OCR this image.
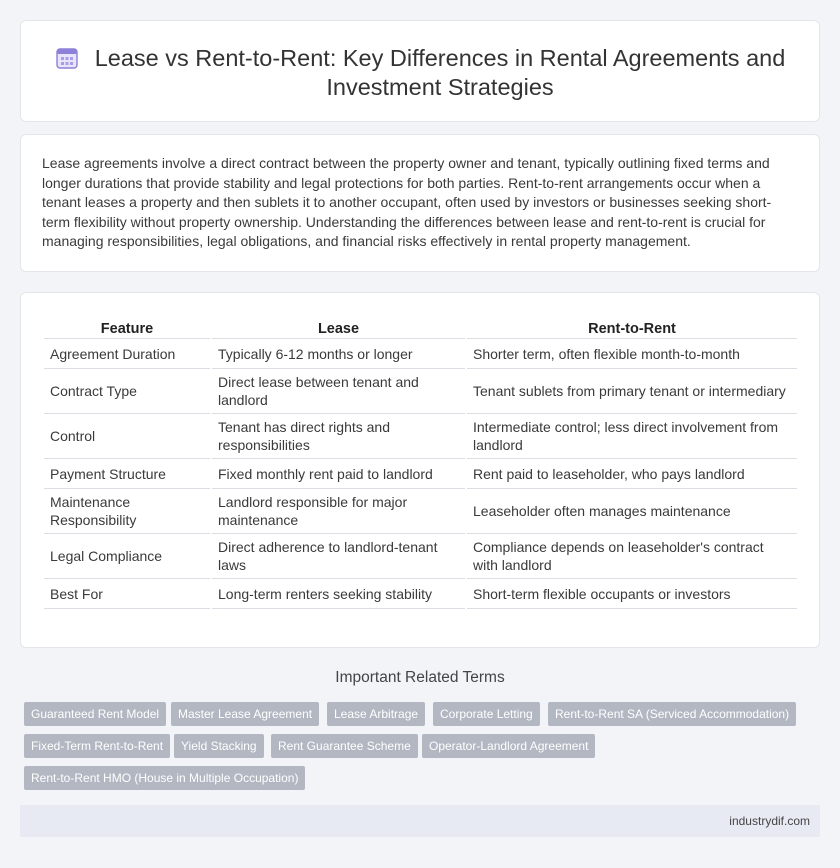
Lease vs Rent-to-Rent: Key Differences in Rental Agreements and Investment Strategies

Lease agreements involve a direct contract between the property owner and tenant, typically outlining fixed terms and longer durations that provide stability and legal protections for both parties. Rent-to-rent arrangements occur when a tenant leases a property and then sublets it to another occupant, often used by investors or businesses seeking short-term flexibility without property ownership. Understanding the differences between lease and rent-to-rent is crucial for managing responsibilities, legal obligations, and financial risks effectively in rental property management.

Feature	Lease	Rent-to-Rent
Agreement Duration	Typically 6-12 months or longer	Shorter term, often flexible month-to-month
Contract Type	Direct lease between tenant and landlord	Tenant sublets from primary tenant or intermediary
Control	Tenant has direct rights and responsibilities	Intermediate control; less direct involvement from landlord
Payment Structure	Fixed monthly rent paid to landlord	Rent paid to leaseholder, who pays landlord
Maintenance Responsibility	Landlord responsible for major maintenance	Leaseholder often manages maintenance
Legal Compliance	Direct adherence to landlord-tenant laws	Compliance depends on leaseholder's contract with landlord
Best For	Long-term renters seeking stability	Short-term flexible occupants or investors
Important Related Terms
Guaranteed Rent Model	Master Lease Agreement	Lease Arbitrage	Corporate Letting	Rent-to-Rent SA (Serviced Accommodation)
Fixed-Term Rent-to-Rent	Yield Stacking	Rent Guarantee Scheme	Operator-Landlord Agreement
Rent-to-Rent HMO (House in Multiple Occupation)
industrydif.com
